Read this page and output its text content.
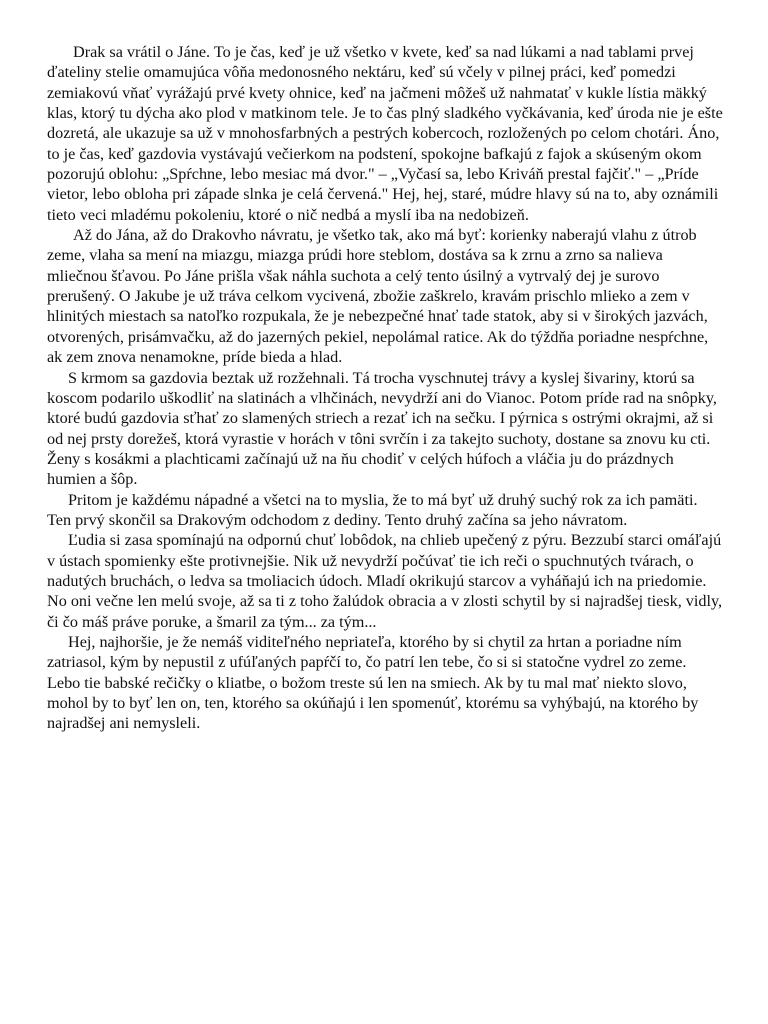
Drak sa vrátil o Jáne. To je čas, keď je už všetko v kvete, keď sa nad lúkami a nad tablami prvej ďateliny stelie omamujúca vôňa medonosného nektáru, keď sú včely v pilnej práci, keď pomedzi zemiakovú vňať vyrážajú prvé kvety ohnice, keď na jačmeni môžeš už nahmatať v kukle lístia mäkký klas, ktorý tu dýcha ako plod v matkinom tele. Je to čas plný sladkého vyčkávania, keď úroda nie je ešte dozretá, ale ukazuje sa už v mnohosfarbných a pestrých kobercoch, rozložených po celom chotári. Áno, to je čas, keď gazdovia vystávajú večierkom na podstení, spokojne bafkajú z fajok a skúseným okom pozorujú oblohu: „Spŕchne, lebo mesiac má dvor." – „Vyčasí sa, lebo Kriváň prestal fajčiť." – „Príde vietor, lebo obloha pri západe slnka je celá červená." Hej, hej, staré, múdre hlavy sú na to, aby oznámili tieto veci mladému pokoleniu, ktoré o nič nedbá a myslí iba na nedobizeň.

Až do Jána, až do Drakovho návratu, je všetko tak, ako má byť: korienky naberajú vlahu z útrob zeme, vlaha sa mení na miazgu, miazga prúdi hore steblom, dostáva sa k zrnu a zrno sa nalieva mliečnou šťavou. Po Jáne prišla však náhla suchota a celý tento úsilný a vytrvalý dej je surovo prerušený. O Jakube je už tráva celkom vycivená, zbožie zaškrelo, kravám prischlo mlieko a zem v hlinitých miestach sa natoľko rozpukala, že je nebezpečné hnať tade statok, aby si v širokých jazvách, otvorených, prisámvačku, až do jazerných pekiel, nepolámal ratice. Ak do týždňa poriadne nespŕchne, ak zem znova nenamokne, príde bieda a hlad.

S krmom sa gazdovia beztak už rozžehnali. Tá trocha vyschnutej trávy a kyslej šivariny, ktorú sa koscom podarilo uškodliť na slatinách a vlhčinách, nevydrží ani do Vianoc. Potom príde rad na snôpky, ktoré budú gazdovia sťhať zo slamených striech a rezať ich na sečku. I pýrnica s ostrými okrajmi, až si od nej prsty dorežeš, ktorá vyrastie v horách v tôni svrčín i za takejto suchoty, dostane sa znovu ku cti. Ženy s kosákmi a plachticami začínajú už na ňu chodiť v celých húfoch a vláčia ju do prázdnych humien a šôp.

Pritom je každému nápadné a všetci na to myslia, že to má byť už druhý suchý rok za ich pamäti. Ten prvý skončil sa Drakovým odchodom z dediny. Tento druhý začína sa jeho návratom.

Ľudia si zasa spomínajú na odpornú chuť lobôdok, na chlieb upečený z pýru. Bezzubí starci omáľajú v ústach spomienky ešte protivnejšie. Nik už nevydrží počúvať tie ich reči o spuchnutých tvárach, o nadutých bruchách, o ledva sa tmoliacich údoch. Mladí okrikujú starcov a vyháňajú ich na priedomie. No oni večne len melú svoje, až sa ti z toho žalúdok obracia a v zlosti schytil by si najradšej tiesk, vidly, či čo máš práve poruke, a šmaril za tým... za tým...

Hej, najhoršie, je že nemáš viditeľného nepriateľa, ktorého by si chytil za hrtan a poriadne ním zatriasol, kým by nepustil z ufúľaných papŕčí to, čo patrí len tebe, čo si si statočne vydrel zo zeme. Lebo tie babské rečičky o kliatbe, o božom treste sú len na smiech. Ak by tu mal mať niekto slovo, mohol by to byť len on, ten, ktorého sa okúňajú i len spomenúť, ktorému sa vyhýbajú, na ktorého by najradšej ani nemysleli.
